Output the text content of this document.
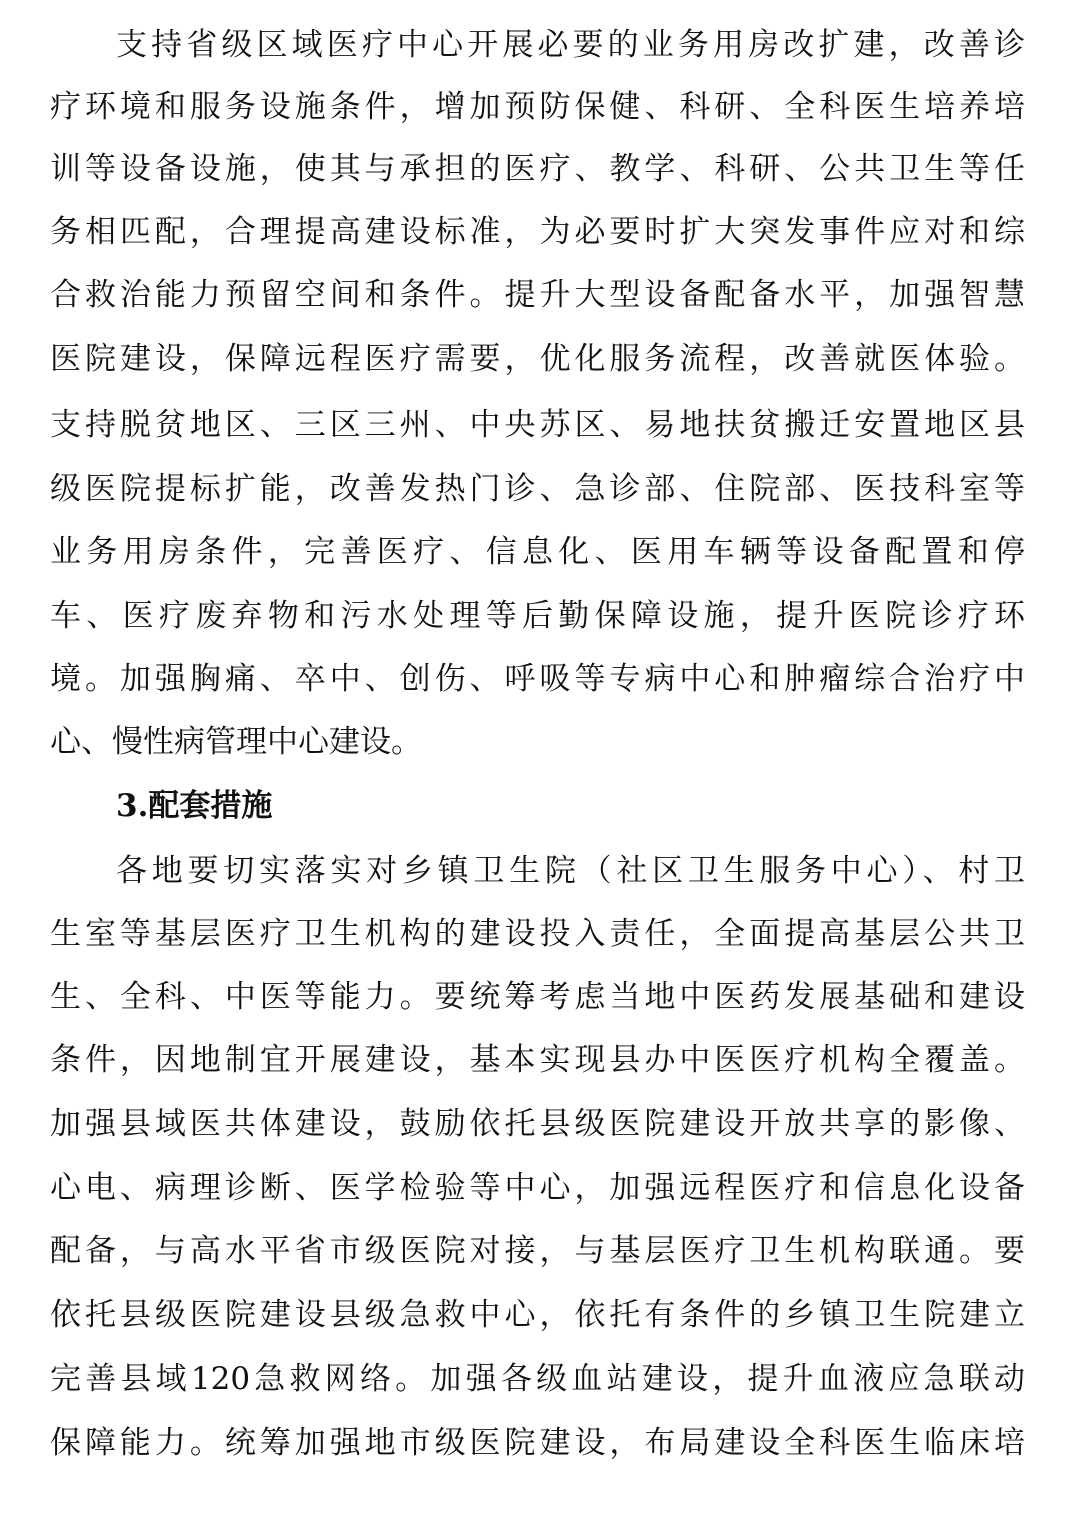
支持省级区域医疗中心开展必要的业务用房改扩建，改善诊
疗环境和服务设施条件，增加预防保健、科研、全科医生培养培
训等设备设施，使其与承担的医疗、教学、科研、公共卫生等任
务相匹配，合理提高建设标准，为必要时扩大突发事件应对和综
合救治能力预留空间和条件。提升大型设备配备水平，加强智慧
医院建设，保障远程医疗需要，优化服务流程，改善就医体验。
支持脱贫地区、三区三州、中央苏区、易地扶贫搬迁安置地区县
级医院提标扩能，改善发热门诊、急诊部、住院部、医技科室等
业务用房条件，完善医疗、信息化、医用车辆等设备配置和停
车、医疗废弃物和污水处理等后勤保障设施，提升医院诊疗环
境。加强胸痛、卒中、创伤、呼吸等专病中心和肿瘤综合治疗中
心、慢性病管理中心建设。
3.配套措施
各地要切实落实对乡镇卫生院（社区卫生服务中心）、村卫
生室等基层医疗卫生机构的建设投入责任，全面提高基层公共卫
生、全科、中医等能力。要统筹考虑当地中医药发展基础和建设
条件，因地制宜开展建设，基本实现县办中医医疗机构全覆盖。
加强县域医共体建设，鼓励依托县级医院建设开放共享的影像、
心电、病理诊断、医学检验等中心，加强远程医疗和信息化设备
配备，与高水平省市级医院对接，与基层医疗卫生机构联通。要
依托县级医院建设县级急救中心，依托有条件的乡镇卫生院建立
完善县域120急救网络。加强各级血站建设，提升血液应急联动
保障能力。统筹加强地市级医院建设，布局建设全科医生临床培
